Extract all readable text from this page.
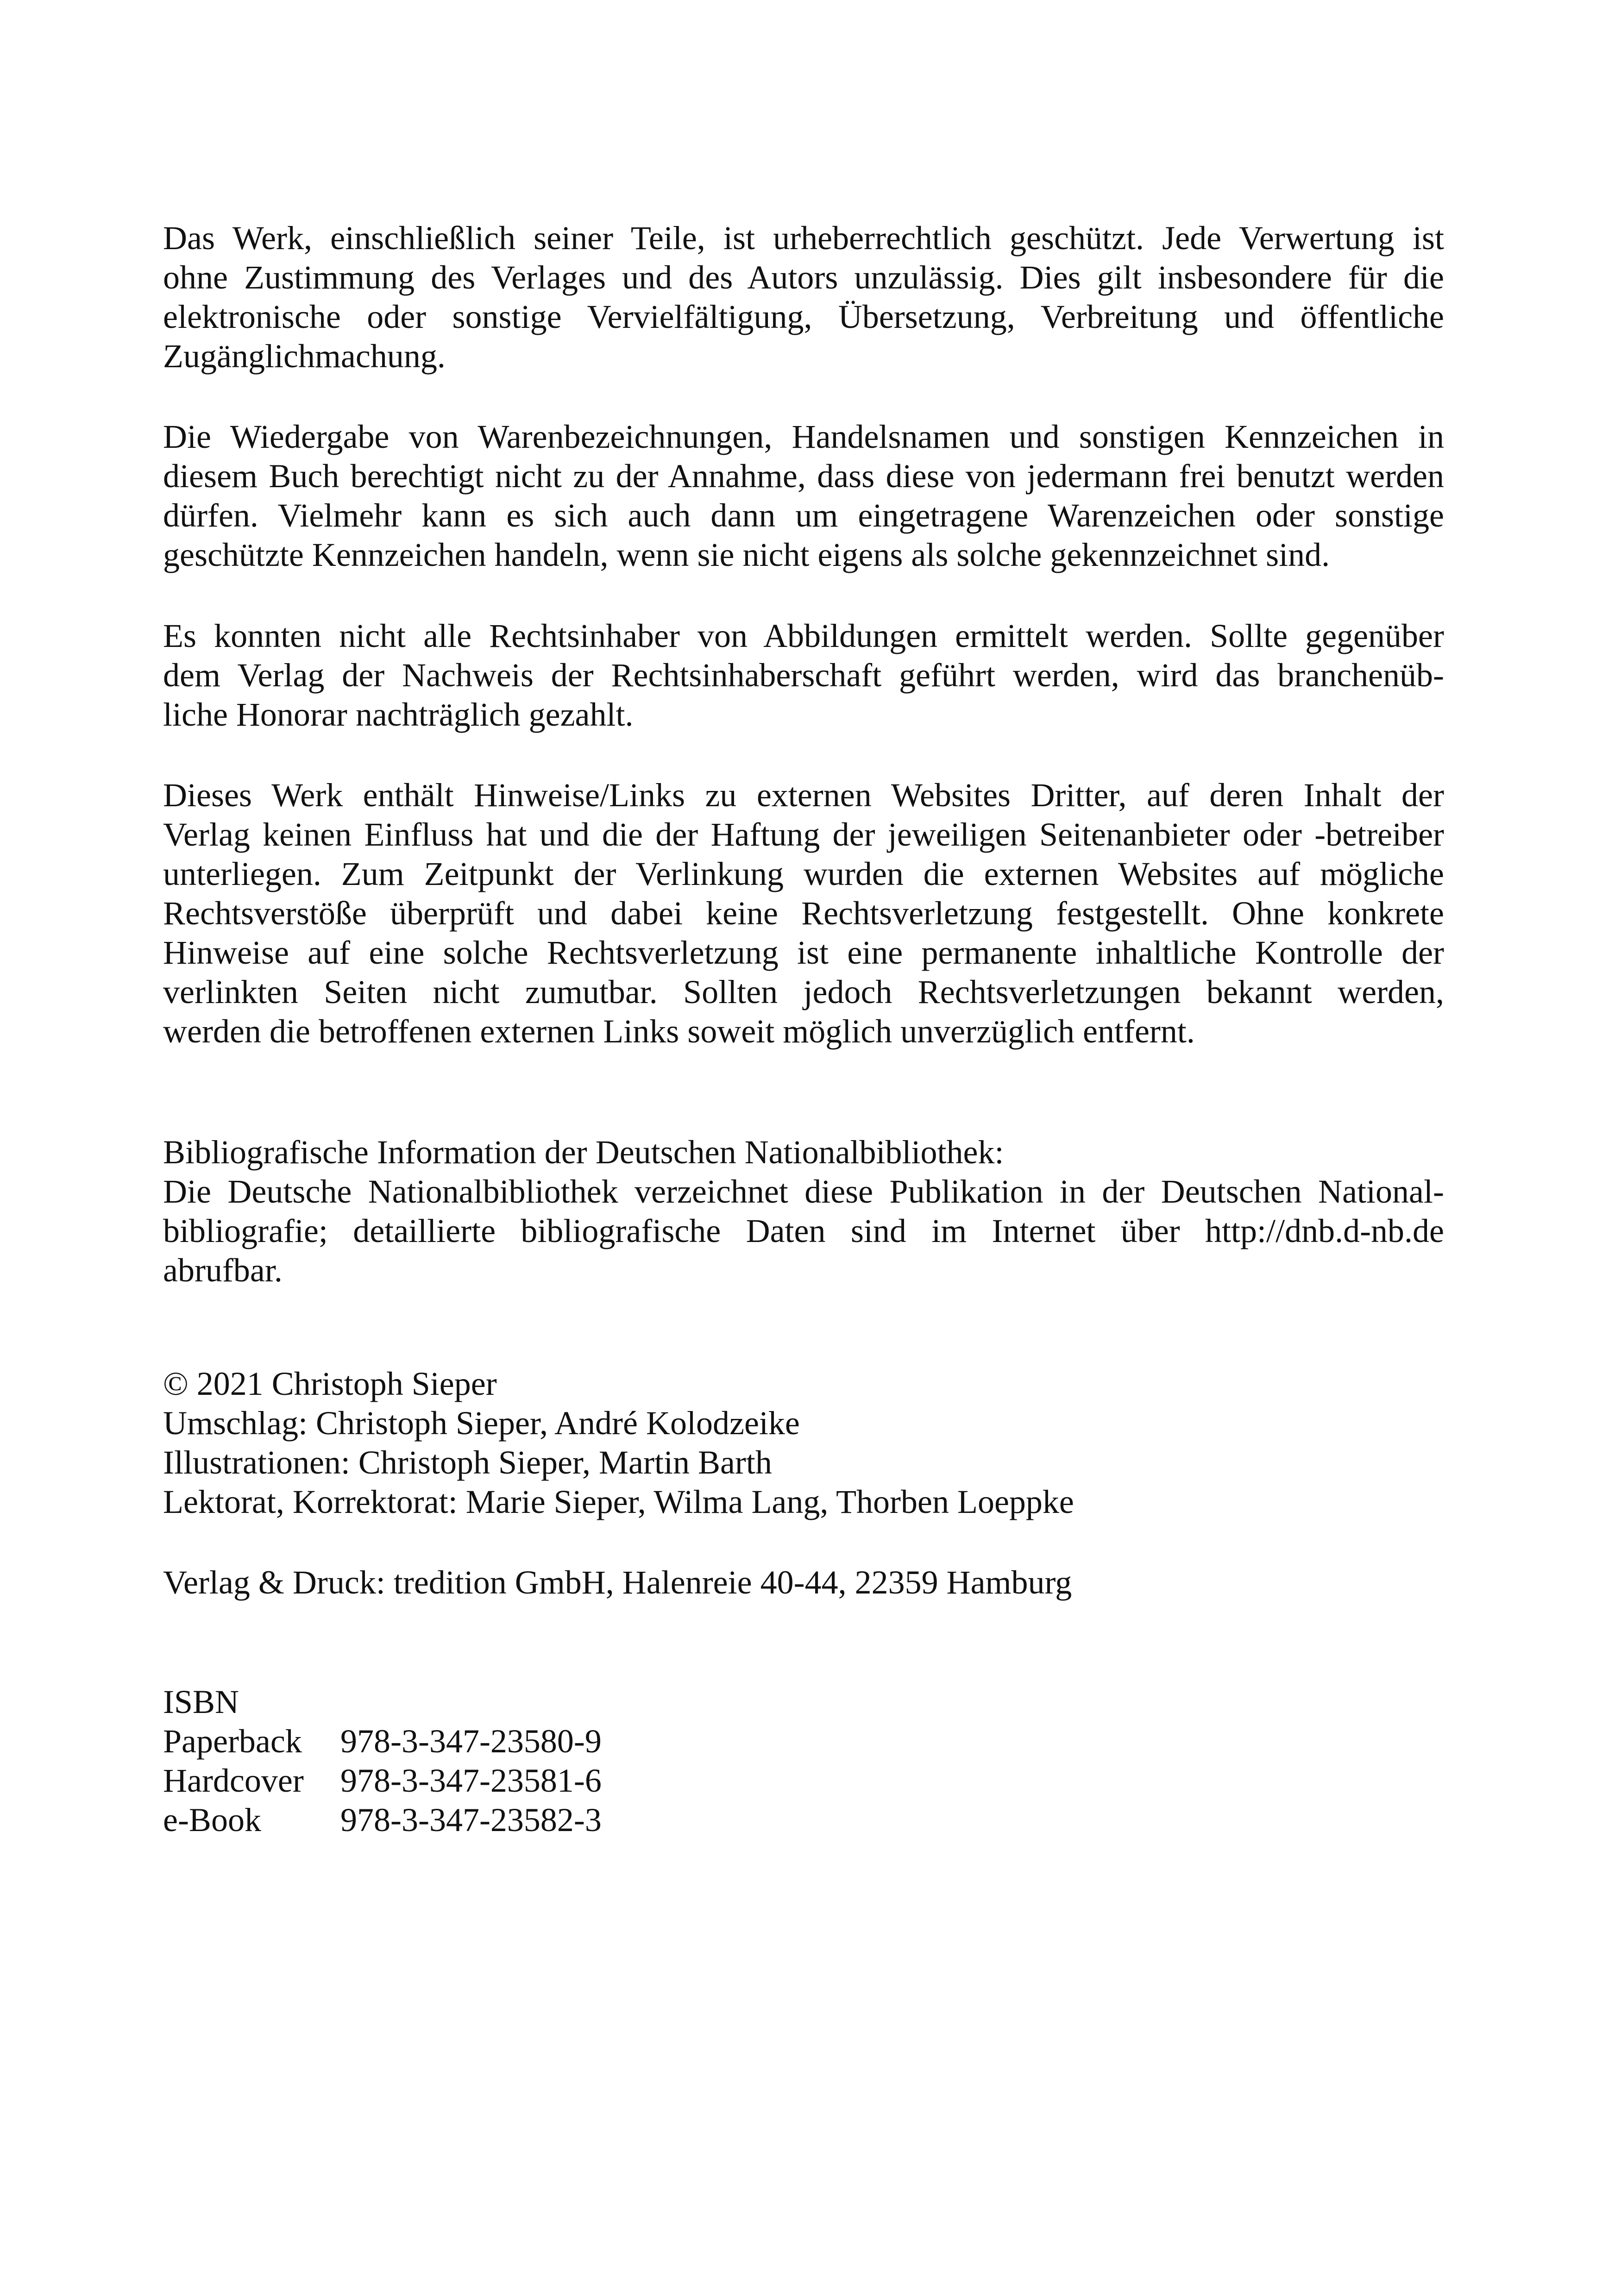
Das Werk, einschließlich seiner Teile, ist urheberrechtlich geschützt. Jede Verwertung ist
ohne Zustimmung des Verlages und des Autors unzulässig. Dies gilt insbesondere für die
elektronische oder sonstige Vervielfältigung, Übersetzung, Verbreitung und öffentliche
Zugänglichmachung.
Die Wiedergabe von Warenbezeichnungen, Handelsnamen und sonstigen Kennzeichen in
diesem Buch berechtigt nicht zu der Annahme, dass diese von jedermann frei benutzt werden
dürfen. Vielmehr kann es sich auch dann um eingetragene Warenzeichen oder sonstige
geschützte Kennzeichen handeln, wenn sie nicht eigens als solche gekennzeichnet sind.
Es konnten nicht alle Rechtsinhaber von Abbildungen ermittelt werden. Sollte gegenüber
dem Verlag der Nachweis der Rechtsinhaberschaft geführt werden, wird das branchenüb-
liche Honorar nachträglich gezahlt.
Dieses Werk enthält Hinweise/Links zu externen Websites Dritter, auf deren Inhalt der
Verlag keinen Einfluss hat und die der Haftung der jeweiligen Seitenanbieter oder -betreiber
unterliegen. Zum Zeitpunkt der Verlinkung wurden die externen Websites auf mögliche
Rechtsverstöße überprüft und dabei keine Rechtsverletzung festgestellt. Ohne konkrete
Hinweise auf eine solche Rechtsverletzung ist eine permanente inhaltliche Kontrolle der
verlinkten Seiten nicht zumutbar. Sollten jedoch Rechtsverletzungen bekannt werden,
werden die betroffenen externen Links soweit möglich unverzüglich entfernt.
Bibliografische Information der Deutschen Nationalbibliothek:
Die Deutsche Nationalbibliothek verzeichnet diese Publikation in der Deutschen National-
bibliografie; detaillierte bibliografische Daten sind im Internet über http://dnb.d-nb.de
abrufbar.
© 2021 Christoph Sieper
Umschlag: Christoph Sieper, André Kolodzeike
Illustrationen: Christoph Sieper, Martin Barth
Lektorat, Korrektorat: Marie Sieper, Wilma Lang, Thorben Loeppke
Verlag & Druck: tredition GmbH, Halenreie 40-44, 22359 Hamburg
ISBN
Paperback 978-3-347-23580-9
Hardcover 978-3-347-23581-6
e-Book 978-3-347-23582-3
